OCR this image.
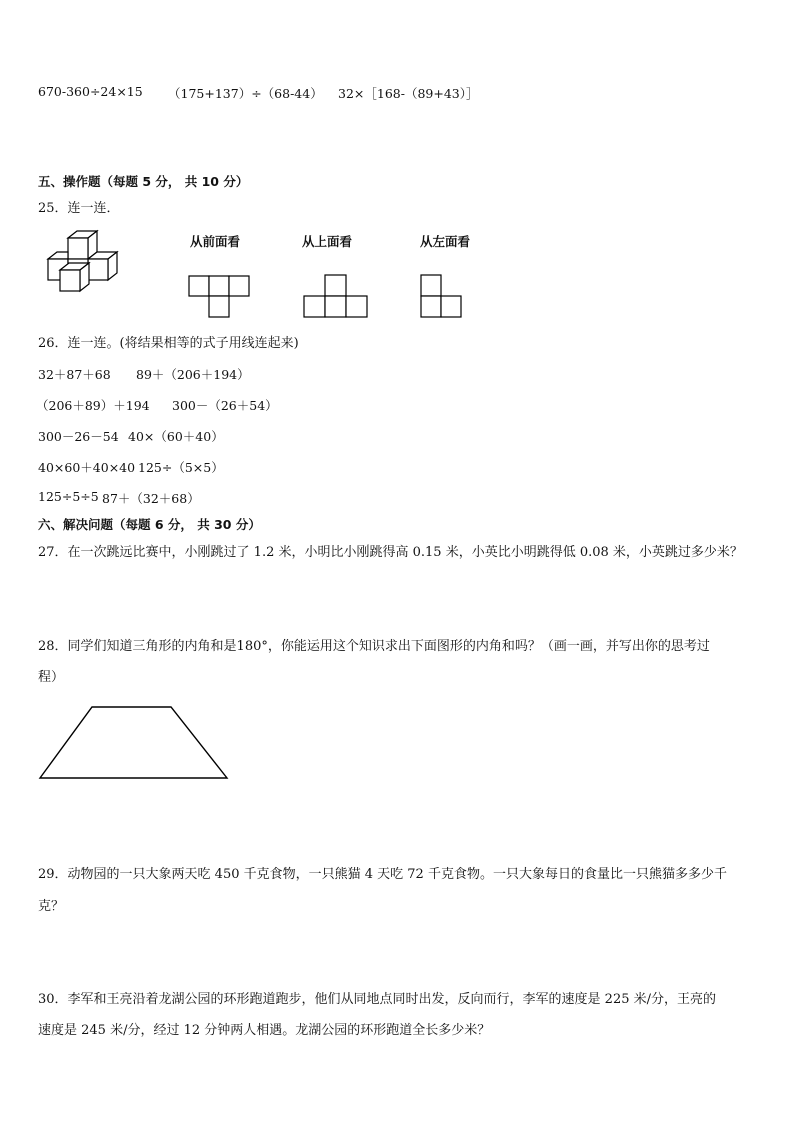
670-360÷24×15 （175+137）÷（68-44） 32×［168-（89+43）］
五、操作题（每题 5 分， 共 10 分）
25．连一连．
从前面看	从上面看	从左面看
26．连一连。(将结果相等的式子用线连起来)
32＋87＋68 89＋（206＋194）
（206＋89）＋194 300－（26＋54）
300－26－54 40×（60＋40）
40×60＋40×40 125÷（5×5）
125÷5÷5 87＋（32＋68）
六、解决问题（每题 6 分， 共 30 分）
27．在一次跳远比赛中，小刚跳过了 1.2 米，小明比小刚跳得高 0.15 米，小英比小明跳得低 0.08 米，小英跳过多少米？
28．同学们知道三角形的内角和是180°，你能运用这个知识求出下面图形的内角和吗？（画一画，并写出你的思考过
程）
29．动物园的一只大象两天吃 450 千克食物，一只熊猫 4 天吃 72 千克食物。一只大象每日的食量比一只熊猫多多少千
克？
30．李军和王亮沿着龙湖公园的环形跑道跑步，他们从同地点同时出发，反向而行，李军的速度是 225 米/分，王亮的
速度是 245 米/分，经过 12 分钟两人相遇。龙湖公园的环形跑道全长多少米？
